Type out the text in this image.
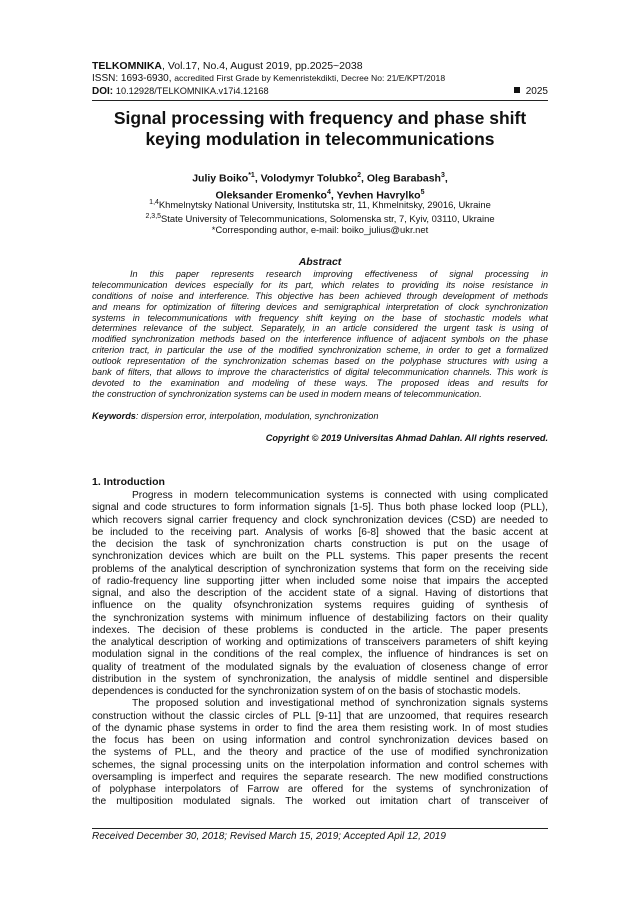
TELKOMNIKA, Vol.17, No.4, August 2019, pp.2025~2038
ISSN: 1693-6930, accredited First Grade by Kemenristekdikti, Decree No: 21/E/KPT/2018
DOI: 10.12928/TELKOMNIKA.v17i4.12168	2025
Signal processing with frequency and phase shift
keying modulation in telecommunications
Juliy Boiko$^{*1}$, Volodymyr Tolubko$^2$, Oleg Barabash$^3$,
Oleksander Eromenko$^4$, Yevhen Havrylko$^5$
$^{1,4}$Khmelnytsky National University, Institutska str, 11, Khmelnitsky, 29016, Ukraine
$^{2,3,5}$State University of Telecommunications, Solomenska str, 7, Kyiv, 03110, Ukraine
*Corresponding author, e-mail: boiko_julius@ukr.net
Abstract
In this paper represents research improving effectiveness of signal processing in
telecommunication devices especially for its part, which relates to providing its noise resistance in
conditions of noise and interference. This objective has been achieved through development of methods
and means for optimization of filtering devices and semigraphical interpretation of clock synchronization
systems in telecommunications with frequency shift keying on the base of stochastic models what
determines relevance of the subject. Separately, in an article considered the urgent task is using of
modified synchronization methods based on the interference influence of adjacent symbols on the phase
criterion tract, in particular the use of the modified synchronization scheme, in order to get a formalized
outlook representation of the synchronization schemas based on the polyphase structures with using a
bank of filters, that allows to improve the characteristics of digital telecommunication channels. This work is
devoted to the examination and modeling of these ways. The proposed ideas and results for
the construction of synchronization systems can be used in modern means of telecommunication.
Keywords: dispersion error, interpolation, modulation, synchronization
Copyright © 2019 Universitas Ahmad Dahlan. All rights reserved.
1. Introduction
Progress in modern telecommunication systems is connected with using complicated
signal and code structures to form information signals [1-5]. Thus both phase locked loop (PLL),
which recovers signal carrier frequency and clock synchronization devices (CSD) are needed to
be included to the receiving part. Analysis of works [6-8] showed that the basic accent at
the decision the task of synchronization charts construction is put on the usage of
synchronization devices which are built on the PLL systems. This paper presents the recent
problems of the analytical description of synchronization systems that form on the receiving side
of radio-frequency line supporting jitter when included some noise that impairs the accepted
signal, and also the description of the accident state of a signal. Having of distortions that
influence on the quality ofsynchronization systems requires guiding of synthesis of
the synchronization systems with minimum influence of destabilizing factors on their quality
indexes. The decision of these problems is conducted in the article. The paper presents
the analytical description of working and optimizations of transceivers parameters of shift keying
modulation signal in the conditions of the real complex, the influence of hindrances is set on
quality of treatment of the modulated signals by the evaluation of closeness change of error
distribution in the system of synchronization, the analysis of middle sentinel and dispersible
dependences is conducted for the synchronization system of on the basis of stochastic models.
The proposed solution and investigational method of synchronization signals systems
construction without the classic circles of PLL [9-11] that are unzoomed, that requires research
of the dynamic phase systems in order to find the area them resisting work. In of most studies
the focus has been on using information and control synchronization devices based on
the systems of PLL, and the theory and practice of the use of modified synchronization
schemes, the signal processing units on the interpolation information and control schemes with
oversampling is imperfect and requires the separate research. The new modified constructions
of polyphase interpolators of Farrow are offered for the systems of synchronization of
the multiposition modulated signals. The worked out imitation chart of transceiver of
Received December 30, 2018; Revised March 15, 2019; Accepted Apil 12, 2019
